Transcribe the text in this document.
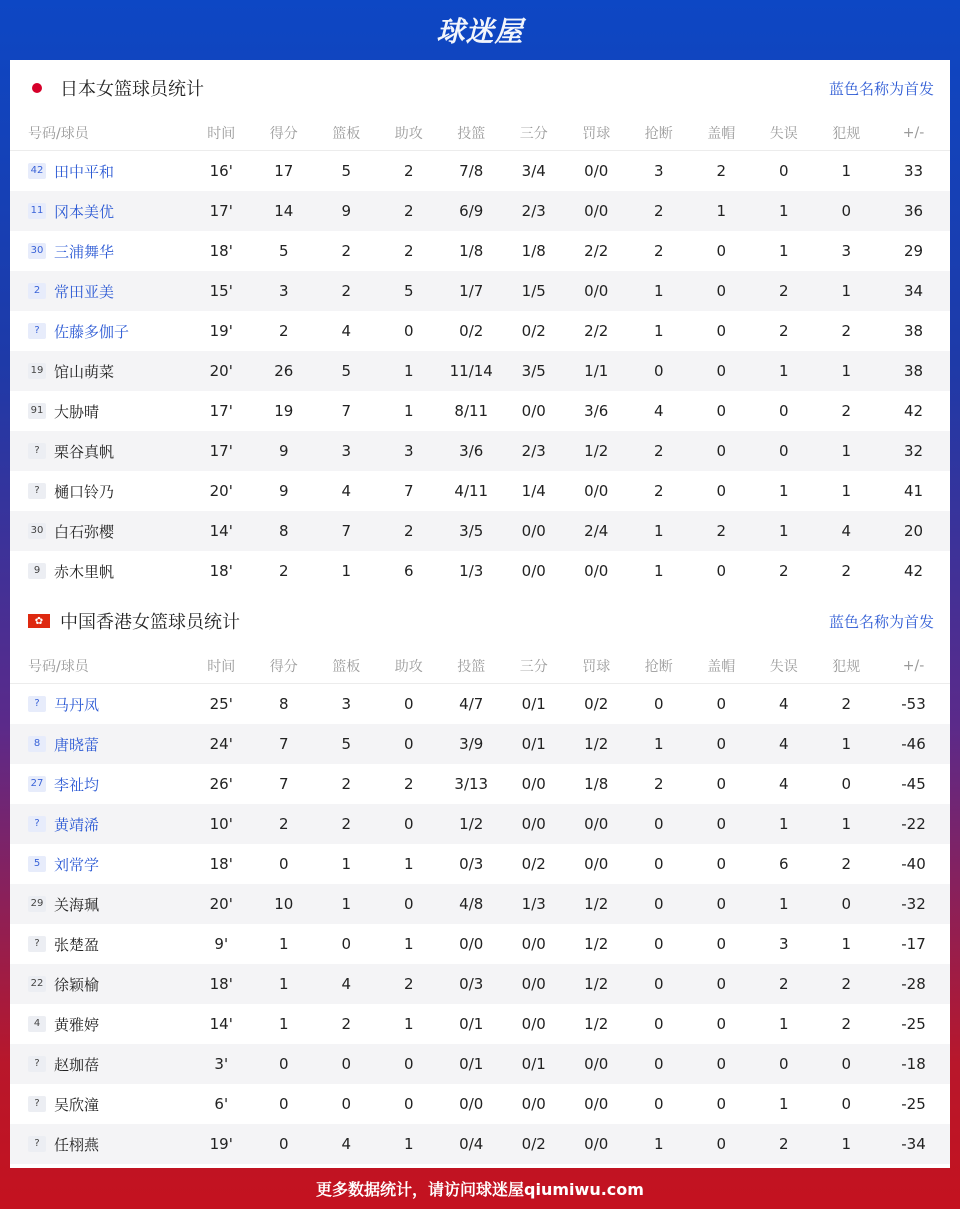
球迷屋
日本女篮球员统计	蓝色名称为首发
号码/球员	时间	得分	篮板	助攻	投篮	三分	罚球	抢断	盖帽	失误	犯规	+/-
42 田中平和	16'	17	5	2	7/8	3/4	0/0	3	2	0	1	33
11 冈本美优	17'	14	9	2	6/9	2/3	0/0	2	1	1	0	36
30 三浦舞华	18'	5	2	2	1/8	1/8	2/2	2	0	1	3	29
2 常田亚美	15'	3	2	5	1/7	1/5	0/0	1	0	2	1	34
? 佐藤多伽子	19'	2	4	0	0/2	0/2	2/2	1	0	2	2	38
19 馆山萌菜	20'	26	5	1	11/14	3/5	1/1	0	0	1	1	38
91 大胁晴	17'	19	7	1	8/11	0/0	3/6	4	0	0	2	42
? 栗谷真帆	17'	9	3	3	3/6	2/3	1/2	2	0	0	1	32
? 樋口铃乃	20'	9	4	7	4/11	1/4	0/0	2	0	1	1	41
30 白石弥樱	14'	8	7	2	3/5	0/0	2/4	1	2	1	4	20
9 赤木里帆	18'	2	1	6	1/3	0/0	0/0	1	0	2	2	42
✿ 中国香港女篮球员统计	蓝色名称为首发
号码/球员	时间	得分	篮板	助攻	投篮	三分	罚球	抢断	盖帽	失误	犯规	+/-
? 马丹凤	25'	8	3	0	4/7	0/1	0/2	0	0	4	2	-53
8 唐晓蕾	24'	7	5	0	3/9	0/1	1/2	1	0	4	1	-46
27 李祉均	26'	7	2	2	3/13	0/0	1/8	2	0	4	0	-45
? 黄靖浠	10'	2	2	0	1/2	0/0	0/0	0	0	1	1	-22
5 刘常学	18'	0	1	1	0/3	0/2	0/0	0	0	6	2	-40
29 关海珮	20'	10	1	0	4/8	1/3	1/2	0	0	1	0	-32
? 张楚盈	9'	1	0	1	0/0	0/0	1/2	0	0	3	1	-17
22 徐颖榆	18'	1	4	2	0/3	0/0	1/2	0	0	2	2	-28
4 黄雅婷	14'	1	2	1	0/1	0/0	1/2	0	0	1	2	-25
? 赵珈蓓	3'	0	0	0	0/1	0/1	0/0	0	0	0	0	-18
? 吴欣潼	6'	0	0	0	0/0	0/0	0/0	0	0	1	0	-25
? 任栩燕	19'	0	4	1	0/4	0/2	0/0	1	0	2	1	-34
更多数据统计，请访问球迷屋qiumiwu.com
